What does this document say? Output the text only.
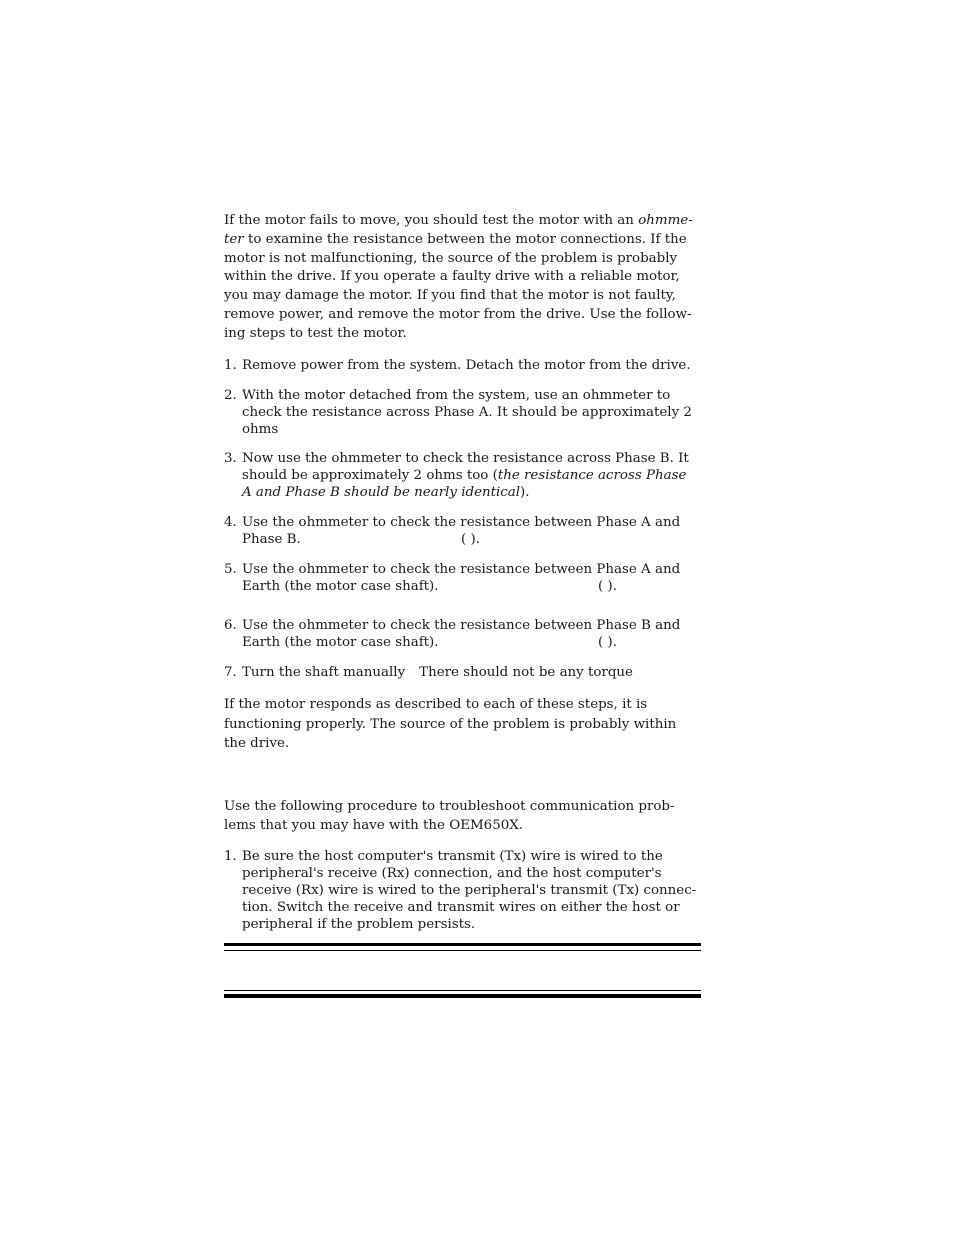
If the motor fails to move, you should test the motor with an ohmme-
ter to examine the resistance between the motor connections. If the
motor is not malfunctioning, the source of the problem is probably
within the drive. If you operate a faulty drive with a reliable motor,
you may damage the motor. If you find that the motor is not faulty,
remove power, and remove the motor from the drive. Use the follow-
ing steps to test the motor.

1. Remove power from the system. Detach the motor from the drive.
2. With the motor detached from the system, use an ohmmeter to
check the resistance across Phase A. It should be approximately 2
ohms
3. Now use the ohmmeter to check the resistance across Phase B. It
should be approximately 2 ohms too (the resistance across Phase
A and Phase B should be nearly identical).
4. Use the ohmmeter to check the resistance between Phase A and
Phase B.	( ).
5. Use the ohmmeter to check the resistance between Phase A and
Earth (the motor case shaft).	( ).
6. Use the ohmmeter to check the resistance between Phase B and
Earth (the motor case shaft).	( ).
7. Turn the shaft manually There should not be any torque

If the motor responds as described to each of these steps, it is
functioning properly. The source of the problem is probably within
the drive.

Use the following procedure to troubleshoot communication prob-
lems that you may have with the OEM650X.

1. Be sure the host computer's transmit (Tx) wire is wired to the
peripheral's receive (Rx) connection, and the host computer's
receive (Rx) wire is wired to the peripheral's transmit (Tx) connec-
tion. Switch the receive and transmit wires on either the host or
peripheral if the problem persists.
